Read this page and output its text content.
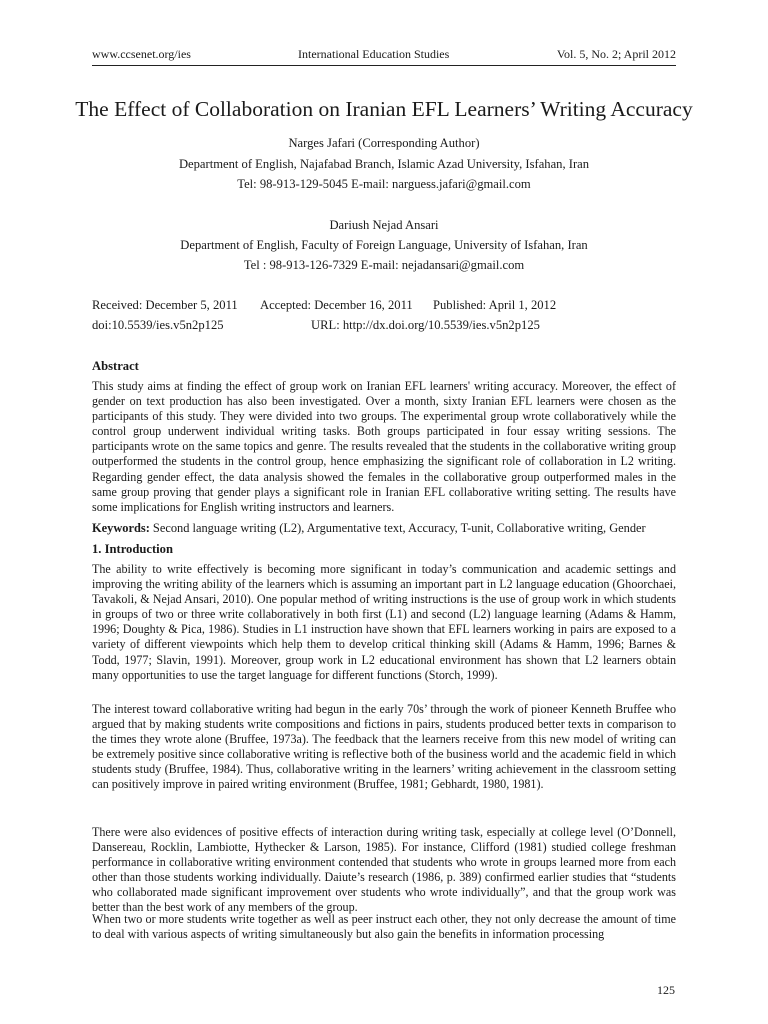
www.ccsenet.org/ies	International Education Studies	Vol. 5, No. 2; April 2012
The Effect of Collaboration on Iranian EFL Learners’ Writing Accuracy
Narges Jafari (Corresponding Author)
Department of English, Najafabad Branch, Islamic Azad University, Isfahan, Iran
Tel: 98-913-129-5045 E-mail: narguess.jafari@gmail.com
Dariush Nejad Ansari
Department of English, Faculty of Foreign Language, University of Isfahan, Iran
Tel : 98-913-126-7329 E-mail: nejadansari@gmail.com
Received: December 5, 2011 Accepted: December 16, 2011 Published: April 1, 2012
doi:10.5539/ies.v5n2p125	URL: http://dx.doi.org/10.5539/ies.v5n2p125
Abstract
This study aims at finding the effect of group work on Iranian EFL learners' writing accuracy. Moreover, the effect of gender on text production has also been investigated. Over a month, sixty Iranian EFL learners were chosen as the participants of this study. They were divided into two groups. The experimental group wrote collaboratively while the control group underwent individual writing tasks. Both groups participated in four essay writing sessions. The participants wrote on the same topics and genre. The results revealed that the students in the collaborative writing group outperformed the students in the control group, hence emphasizing the significant role of collaboration in L2 writing. Regarding gender effect, the data analysis showed the females in the collaborative group outperformed males in the same group proving that gender plays a significant role in Iranian EFL collaborative writing setting. The results have some implications for English writing instructors and learners.
Keywords: Second language writing (L2), Argumentative text, Accuracy, T-unit, Collaborative writing, Gender
1. Introduction
The ability to write effectively is becoming more significant in today’s communication and academic settings and improving the writing ability of the learners which is assuming an important part in L2 language education (Ghoorchaei, Tavakoli, & Nejad Ansari, 2010). One popular method of writing instructions is the use of group work in which students in groups of two or three write collaboratively in both first (L1) and second (L2) language learning (Adams & Hamm, 1996; Doughty & Pica, 1986). Studies in L1 instruction have shown that EFL learners working in pairs are exposed to a variety of different viewpoints which help them to develop critical thinking skill (Adams & Hamm, 1996; Barnes & Todd, 1977; Slavin, 1991). Moreover, group work in L2 educational environment has shown that L2 learners obtain many opportunities to use the target language for different functions (Storch, 1999).
The interest toward collaborative writing had begun in the early 70s’ through the work of pioneer Kenneth Bruffee who argued that by making students write compositions and fictions in pairs, students produced better texts in comparison to the times they wrote alone (Bruffee, 1973a). The feedback that the learners receive from this new model of writing can be extremely positive since collaborative writing is reflective both of the business world and the academic field in which students study (Bruffee, 1984). Thus, collaborative writing in the learners’ writing achievement in the classroom setting can positively improve in paired writing environment (Bruffee, 1981; Gebhardt, 1980, 1981).
There were also evidences of positive effects of interaction during writing task, especially at college level (O’Donnell, Dansereau, Rocklin, Lambiotte, Hythecker & Larson, 1985). For instance, Clifford (1981) studied college freshman performance in collaborative writing environment contended that students who wrote in groups learned more from each other than those students working individually. Daiute’s research (1986, p. 389) confirmed earlier studies that “students who collaborated made significant improvement over students who wrote individually”, and that the group work was better than the best work of any members of the group.
When two or more students write together as well as peer instruct each other, they not only decrease the amount of time to deal with various aspects of writing simultaneously but also gain the benefits in information processing
125
